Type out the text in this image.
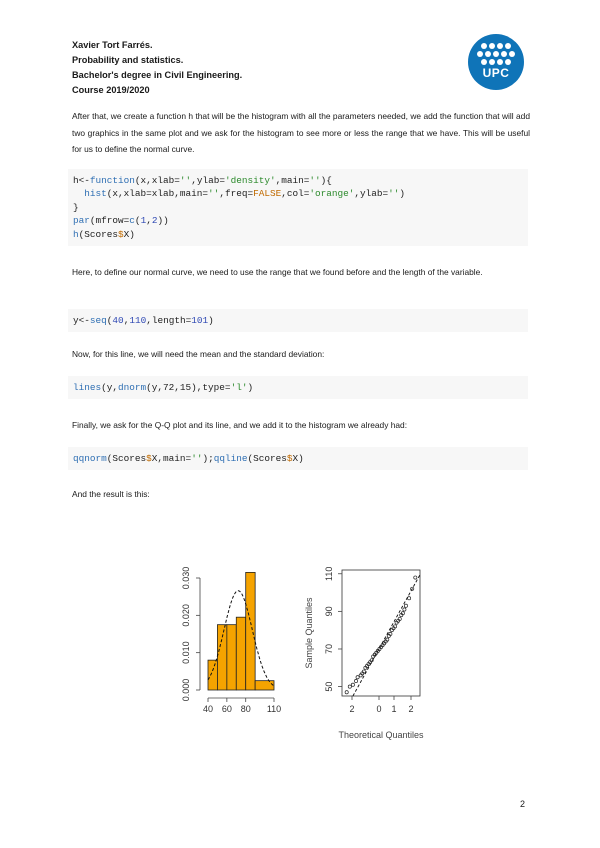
Xavier Tort Farrés.
Probability and statistics.
Bachelor's degree in Civil Engineering.
Course 2019/2020
UPC
After that, we create a function h that will be the histogram with all the parameters needed, we add the function that will add two graphics in the same plot and we ask for the histogram to see more or less the range that we have. This will be useful for us to define the normal curve.
h<-function(x,xlab='',ylab='density',main=''){
hist(x,xlab=xlab,main='',freq=FALSE,col='orange',ylab='')
}
par(mfrow=c(1,2))
h(Scores$X)
Here, to define our normal curve, we need to use the range that we found before and the length of the variable.
y<-seq(40,110,length=101)
Now, for this line, we will need the mean and the standard deviation:
lines(y,dnorm(y,72,15),type='l')
Finally, we ask for the Q-Q plot and its line, and we add it to the histogram we already had:
qqnorm(Scores$X,main='');qqline(Scores$X)
And the result is this:
0.000
0.010
0.020
0.030
40 60 80 110
50
70
90
110
2 0 1 2
Theoretical Quantiles
Sample Quantiles
2
